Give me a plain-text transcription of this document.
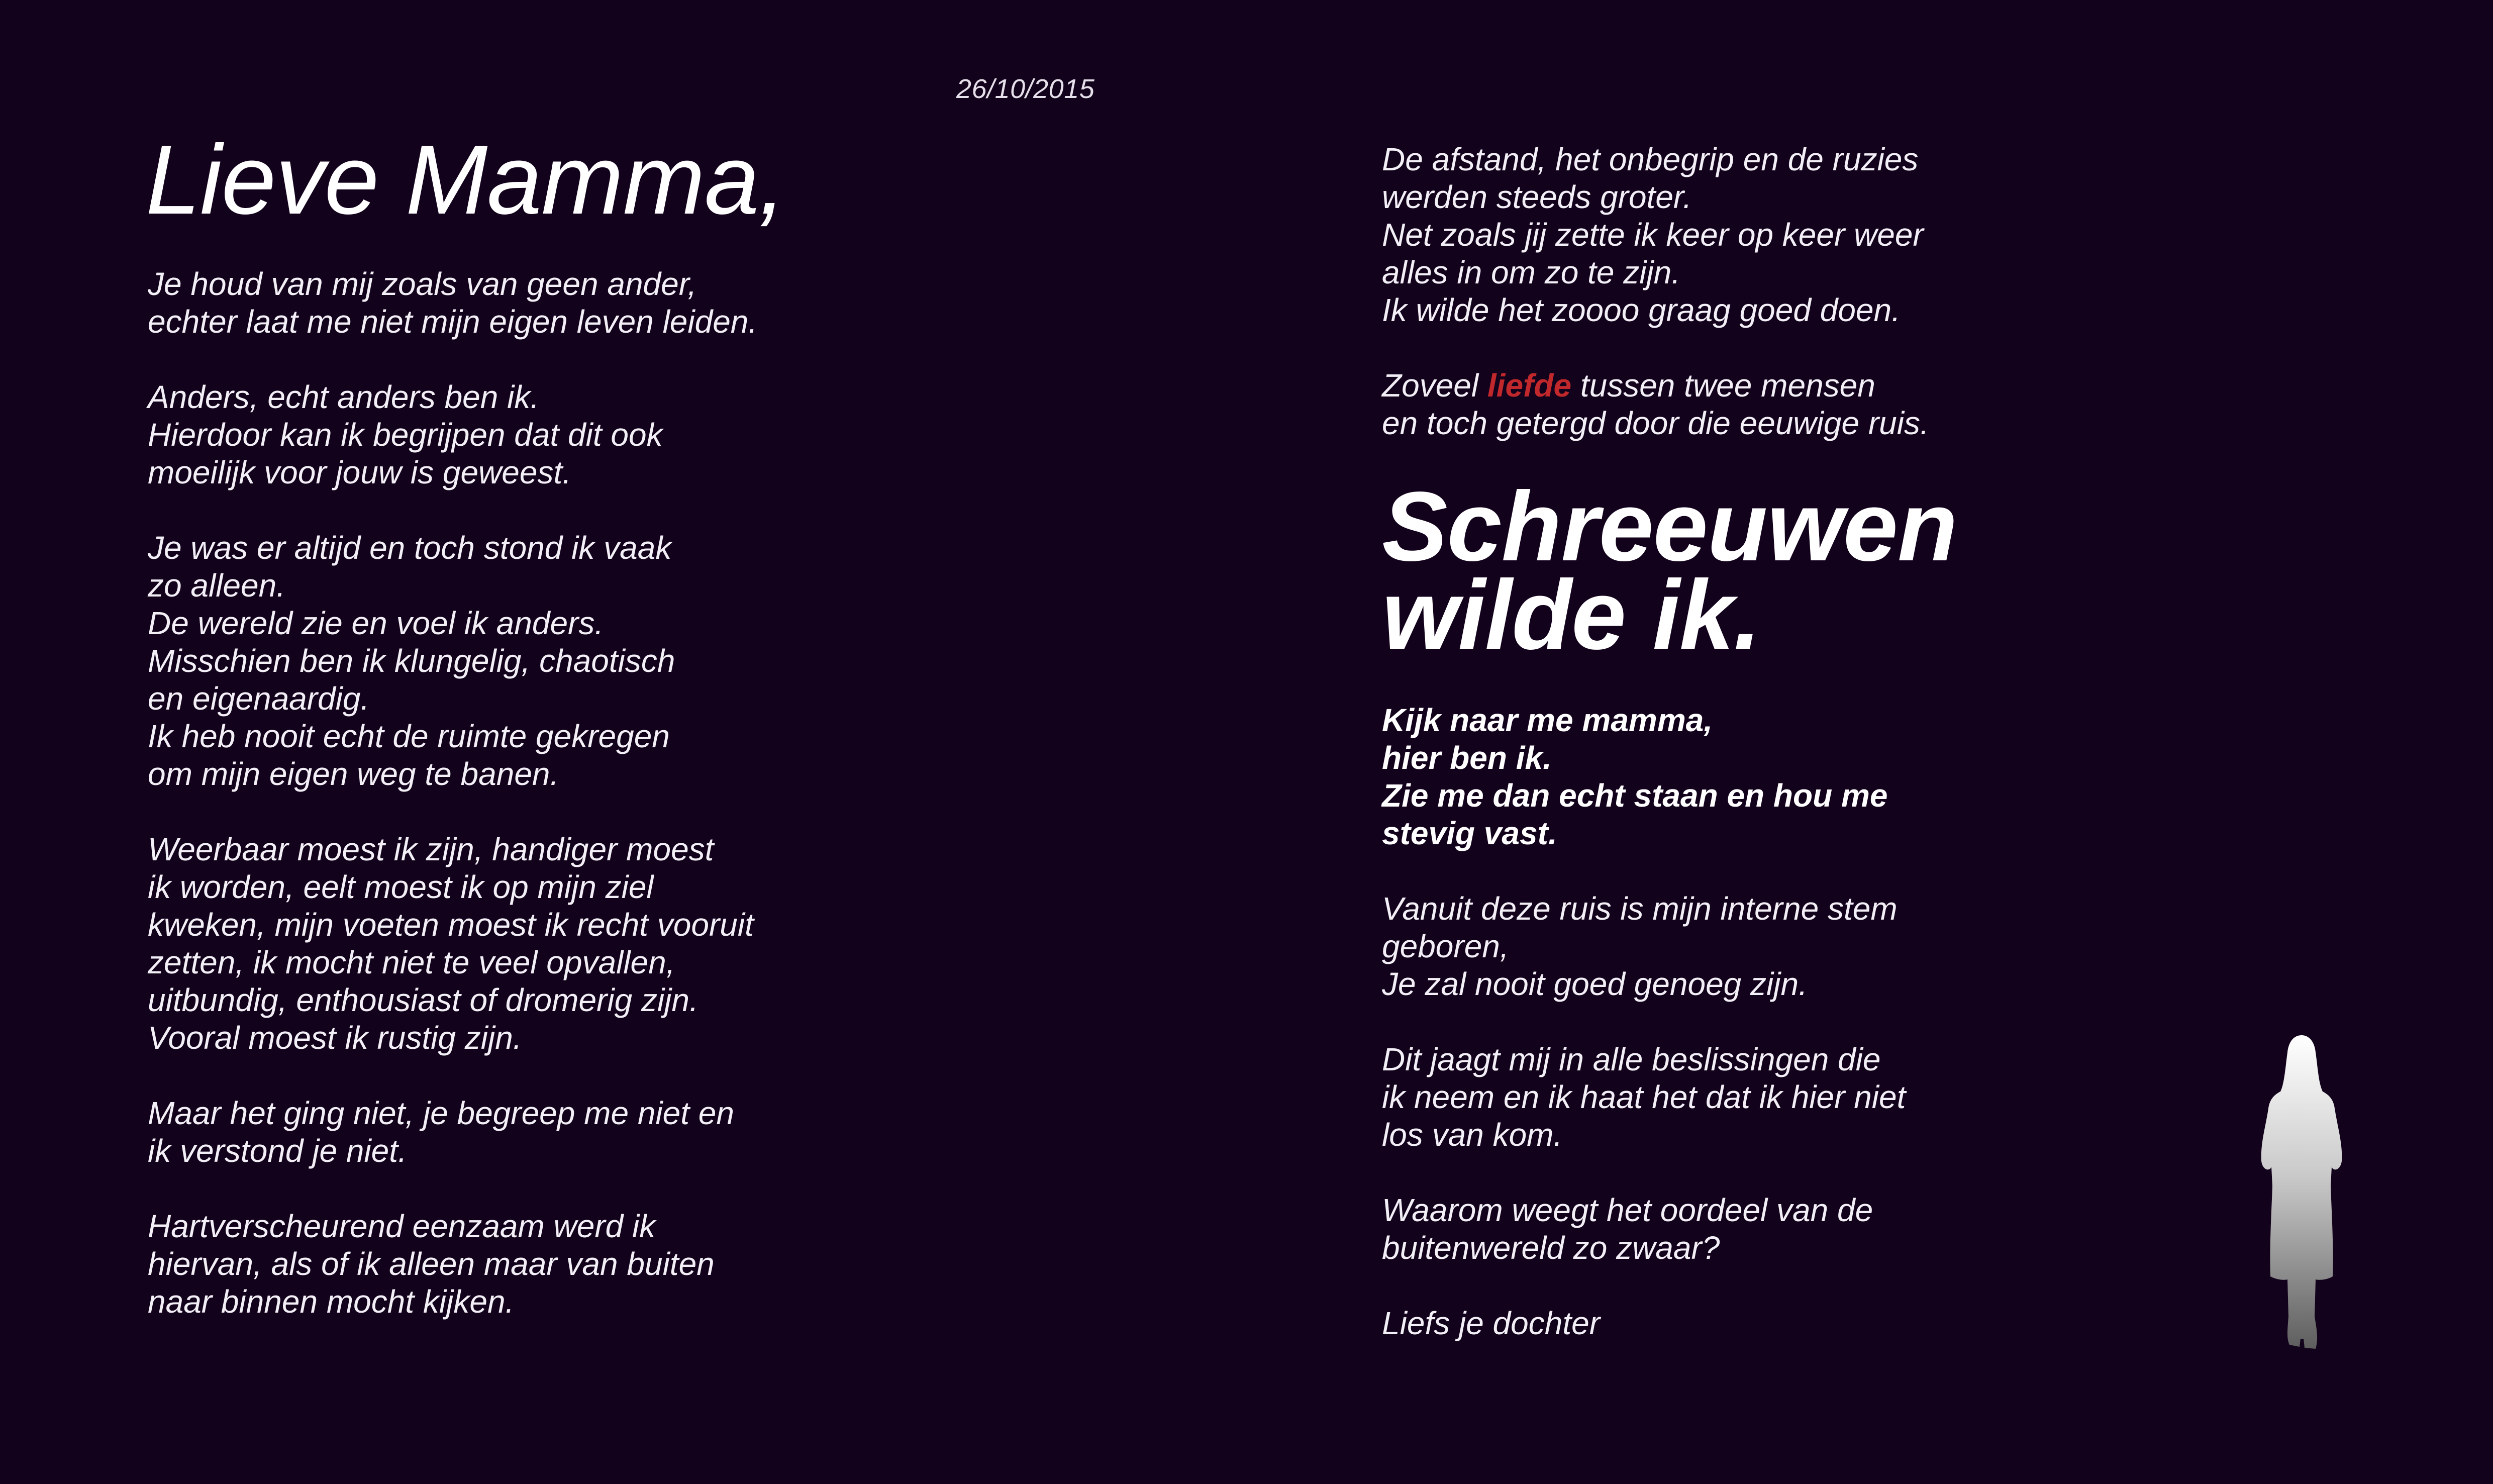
26/10/2015
Lieve Mamma,
Je houd van mij zoals van geen ander,
echter laat me niet mijn eigen leven leiden.
Anders, echt anders ben ik.
Hierdoor kan ik begrijpen dat dit ook
moeilijk voor jouw is geweest.
Je was er altijd en toch stond ik vaak
zo alleen.
De wereld zie en voel ik anders.
Misschien ben ik klungelig, chaotisch
en eigenaardig.
Ik heb nooit echt de ruimte gekregen
om mijn eigen weg te banen.
Weerbaar moest ik zijn, handiger moest
ik worden, eelt moest ik op mijn ziel
kweken, mijn voeten moest ik recht vooruit
zetten, ik mocht niet te veel opvallen,
uitbundig, enthousiast of dromerig zijn.
Vooral moest ik rustig zijn.
Maar het ging niet, je begreep me niet en
ik verstond je niet.
Hartverscheurend eenzaam werd ik
hiervan, als of ik alleen maar van buiten
naar binnen mocht kijken.
De afstand, het onbegrip en de ruzies
werden steeds groter.
Net zoals jij zette ik keer op keer weer
alles in om zo te zijn.
Ik wilde het zoooo graag goed doen.
Zoveel liefde tussen twee mensen
en toch getergd door die eeuwige ruis.
Schreeuwen
wilde ik.
Kijk naar me mamma,
hier ben ik.
Zie me dan echt staan en hou me
stevig vast.
Vanuit deze ruis is mijn interne stem
geboren,
Je zal nooit goed genoeg zijn.
Dit jaagt mij in alle beslissingen die
ik neem en ik haat het dat ik hier niet
los van kom.
Waarom weegt het oordeel van de
buitenwereld zo zwaar?
Liefs je dochter
